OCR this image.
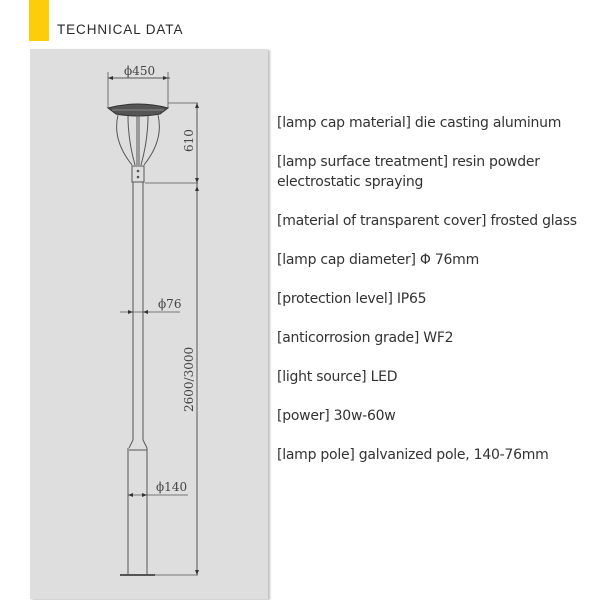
TECHNICAL DATA
ϕ450
610
ϕ76
2600/3000
ϕ140
[lamp cap material] die casting aluminum
[lamp surface treatment] resin powder electrostatic spraying
[material of transparent cover] frosted glass
[lamp cap diameter] Φ 76mm
[protection level] IP65
[anticorrosion grade] WF2
[light source] LED
[power] 30w-60w
[lamp pole] galvanized pole, 140-76mm
